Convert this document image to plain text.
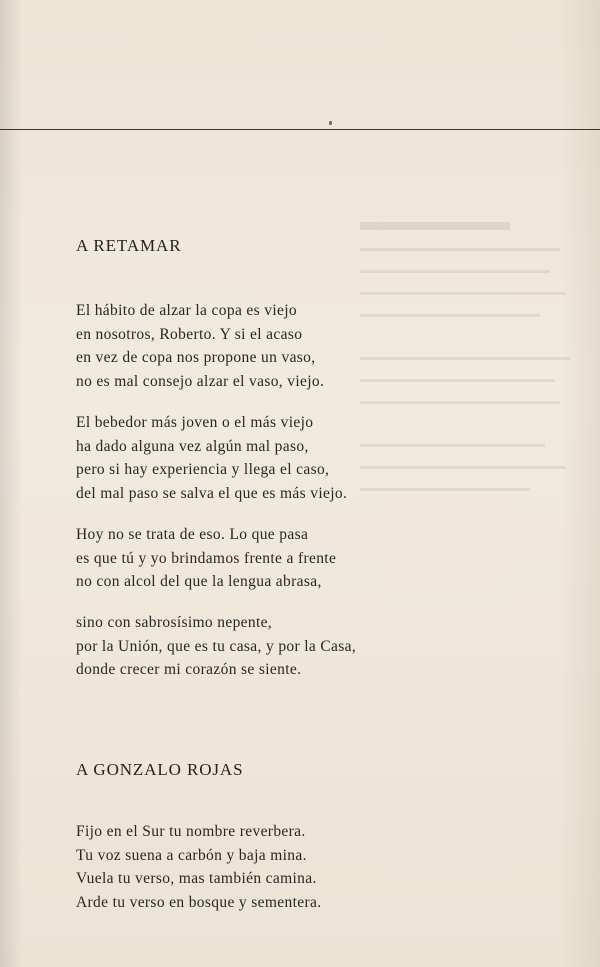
A RETAMAR
El hábito de alzar la copa es viejo
en nosotros, Roberto. Y si el acaso
en vez de copa nos propone un vaso,
no es mal consejo alzar el vaso, viejo.
El bebedor más joven o el más viejo
ha dado alguna vez algún mal paso,
pero si hay experiencia y llega el caso,
del mal paso se salva el que es más viejo.
Hoy no se trata de eso. Lo que pasa
es que tú y yo brindamos frente a frente
no con alcol del que la lengua abrasa,
sino con sabrosísimo nepente,
por la Unión, que es tu casa, y por la Casa,
donde crecer mi corazón se siente.
A GONZALO ROJAS
Fijo en el Sur tu nombre reverbera.
Tu voz suena a carbón y baja mina.
Vuela tu verso, mas también camina.
Arde tu verso en bosque y sementera.
